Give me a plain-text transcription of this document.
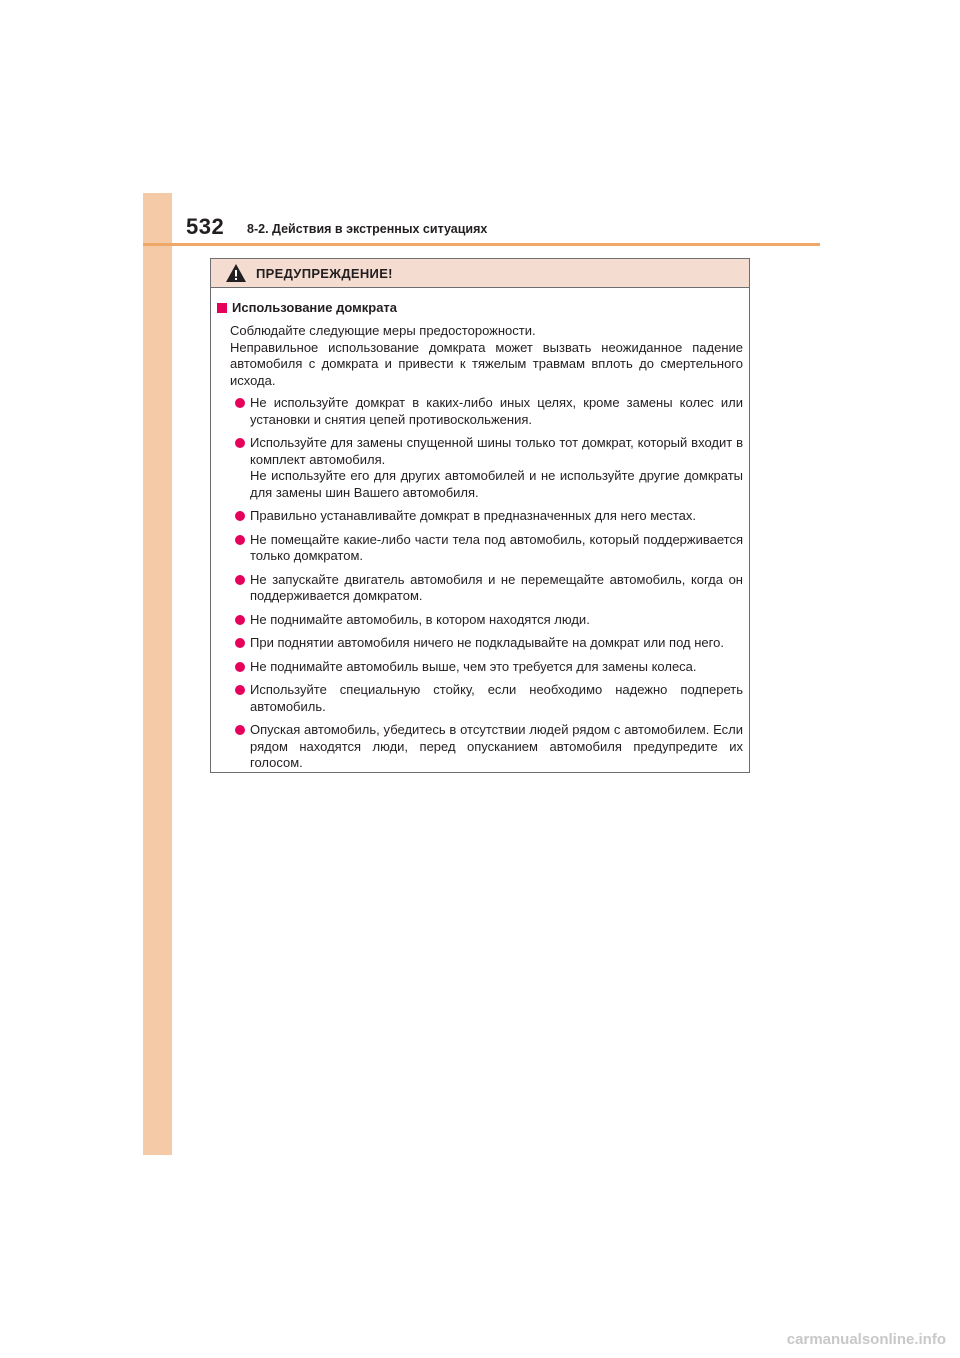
532 8-2. Действия в экстренных ситуациях
ПРЕДУПРЕЖДЕНИЕ!
Использование домкрата

Соблюдайте следующие меры предосторожности.
Неправильное использование домкрата может вызвать неожиданное падение автомобиля с домкрата и привести к тяжелым травмам вплоть до смертельного исхода.

Не используйте домкрат в каких-либо иных целях, кроме замены колес или установки и снятия цепей противоскольжения.
Используйте для замены спущенной шины только тот домкрат, который входит в комплект автомобиля.
Не используйте его для других автомобилей и не используйте другие домкраты для замены шин Вашего автомобиля.
Правильно устанавливайте домкрат в предназначенных для него местах.
Не помещайте какие-либо части тела под автомобиль, который поддерживается только домкратом.
Не запускайте двигатель автомобиля и не перемещайте автомобиль, когда он поддерживается домкратом.
Не поднимайте автомобиль, в котором находятся люди.
При поднятии автомобиля ничего не подкладывайте на домкрат или под него.
Не поднимайте автомобиль выше, чем это требуется для замены колеса.
Используйте специальную стойку, если необходимо надежно подпереть автомобиль.
Опуская автомобиль, убедитесь в отсутствии людей рядом с автомобилем. Если рядом находятся люди, перед опусканием автомобиля предупредите их голосом.
carmanualsonline.info
